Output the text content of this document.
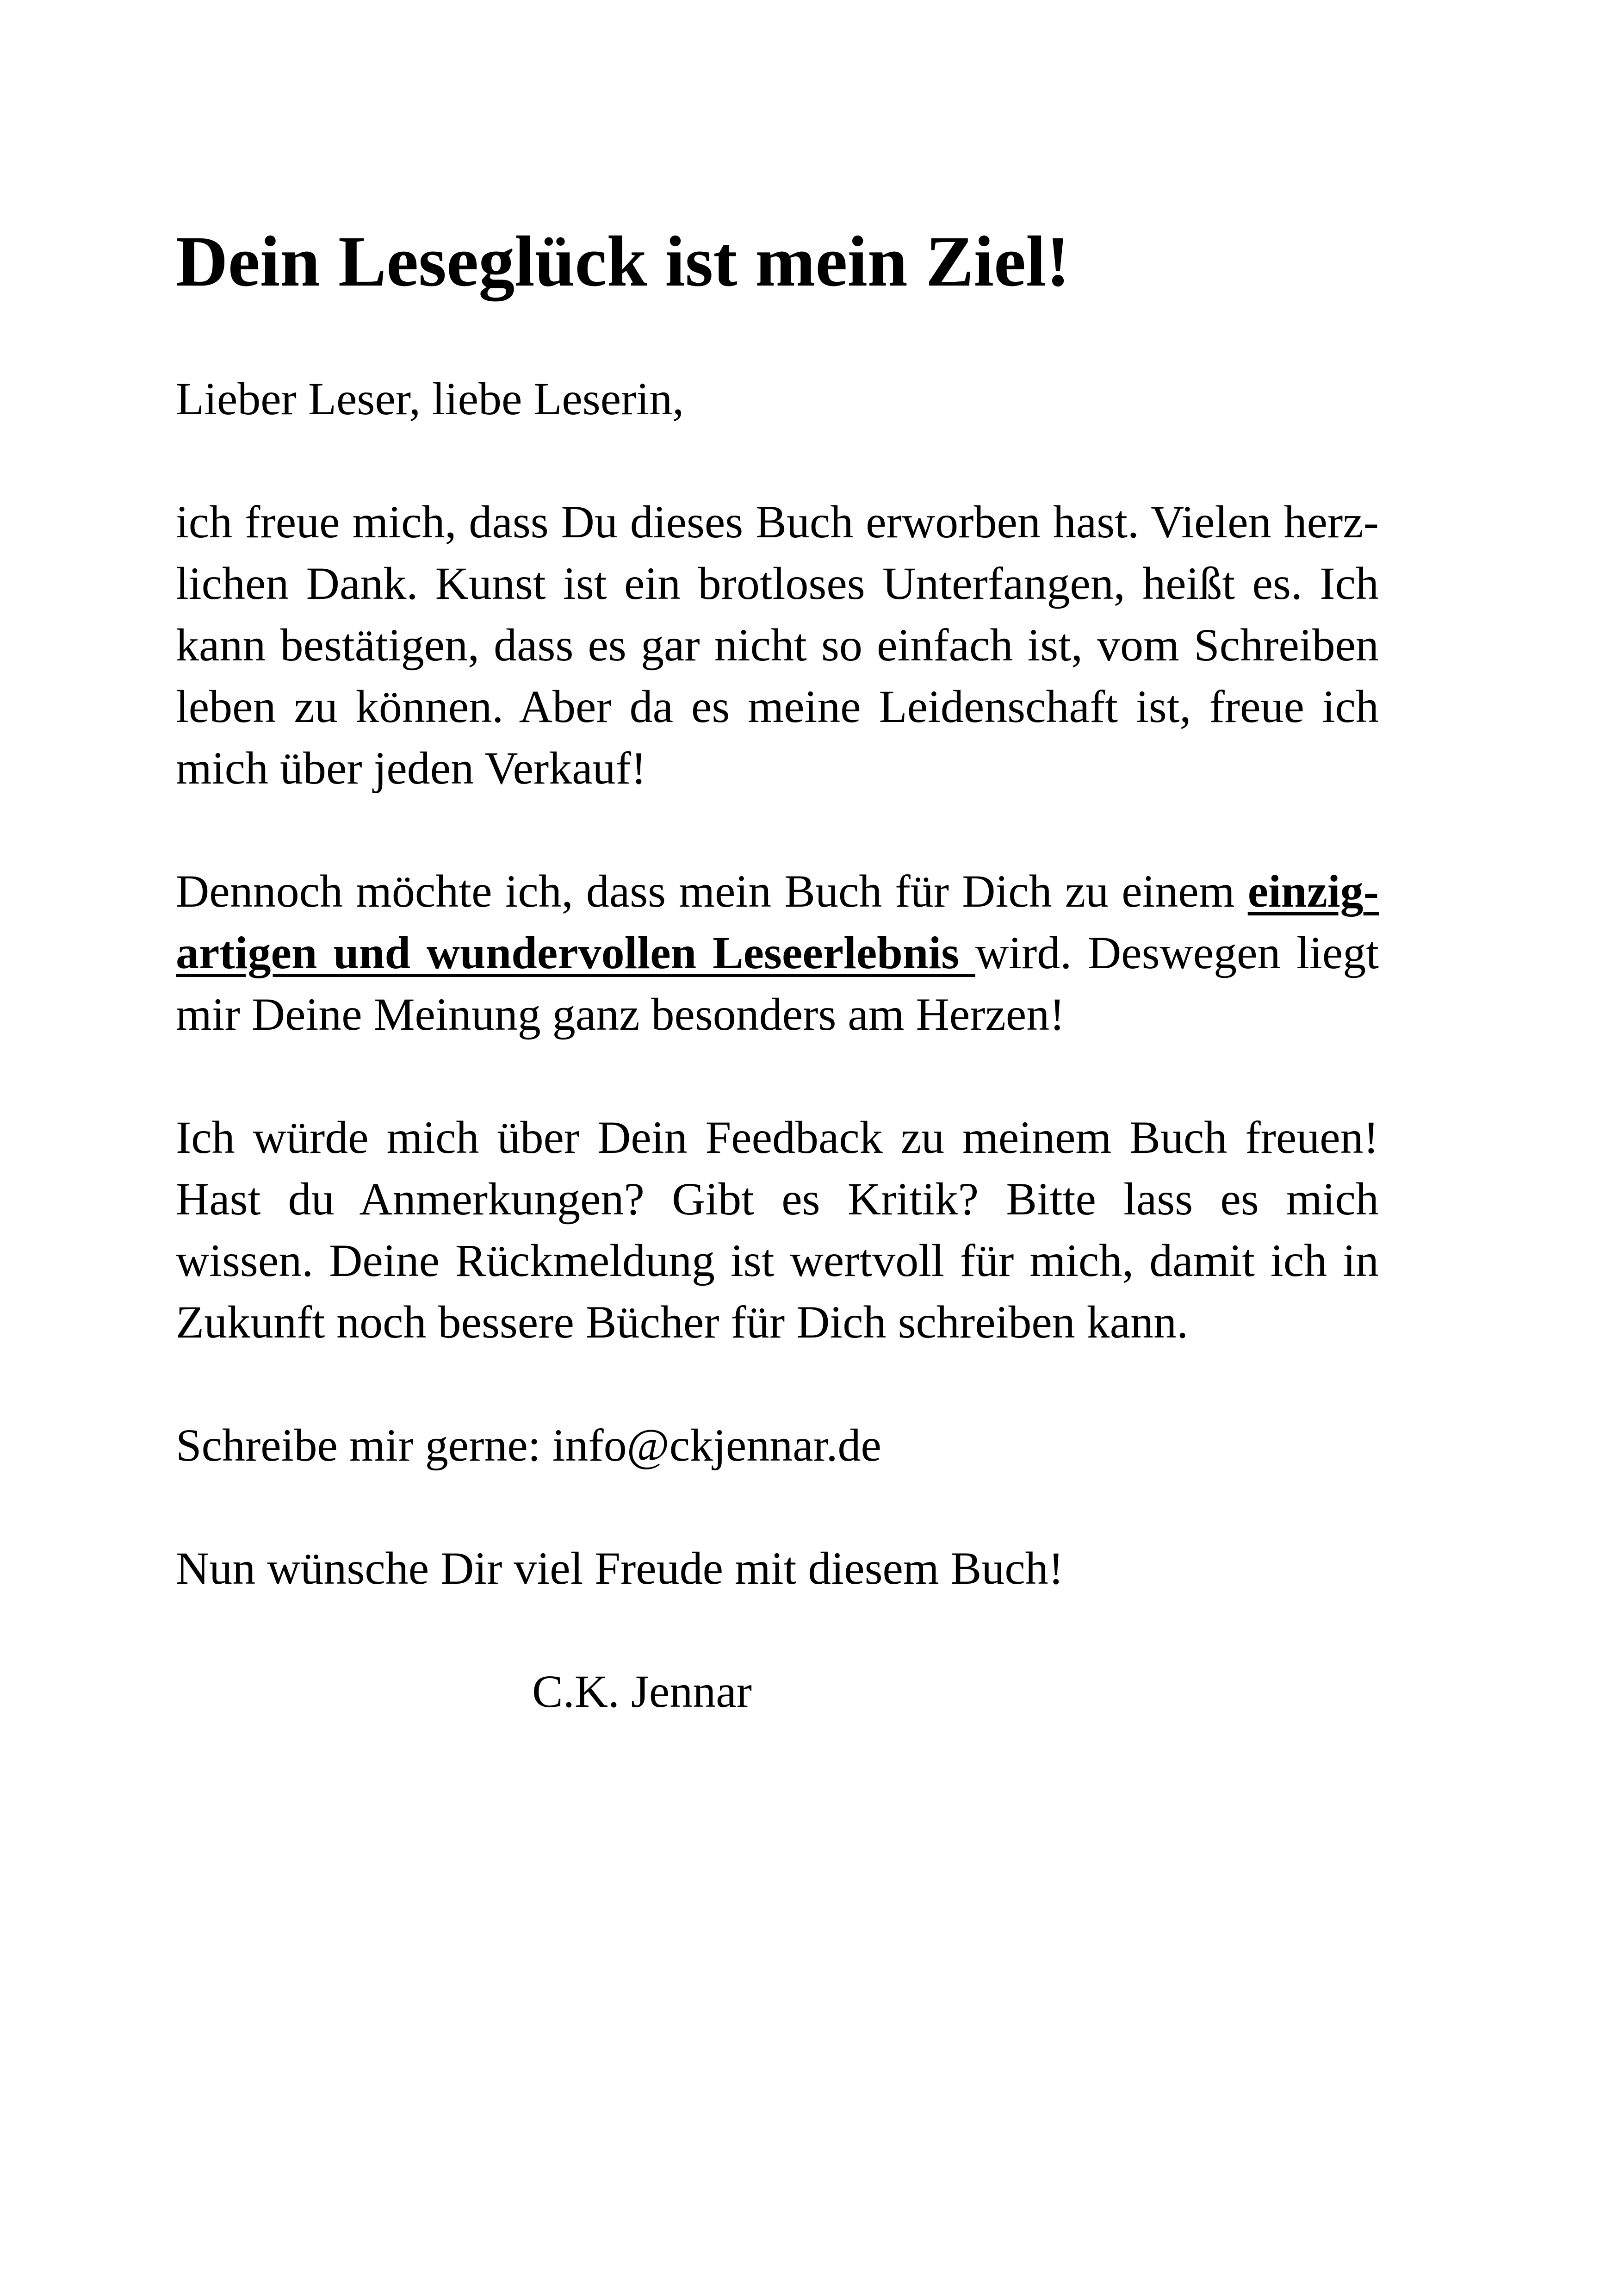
Dein Leseglück ist mein Ziel!

Lieber Leser, liebe Leserin,

ich freue mich, dass Du dieses Buch erworben hast. Vielen herzlichen Dank. Kunst ist ein brotloses Unterfangen, heißt es. Ich kann bestätigen, dass es gar nicht so einfach ist, vom Schreiben leben zu können. Aber da es meine Leidenschaft ist, freue ich mich über jeden Verkauf!

Dennoch möchte ich, dass mein Buch für Dich zu einem einzigartigen und wundervollen Leseerlebnis wird. Deswegen liegt mir Deine Meinung ganz besonders am Herzen!

Ich würde mich über Dein Feedback zu meinem Buch freuen! Hast du Anmerkungen? Gibt es Kritik? Bitte lass es mich wissen. Deine Rückmeldung ist wertvoll für mich, damit ich in Zukunft noch bessere Bücher für Dich schreiben kann.

Schreibe mir gerne: info@ckjennar.de

Nun wünsche Dir viel Freude mit diesem Buch!

C.K. Jennar
